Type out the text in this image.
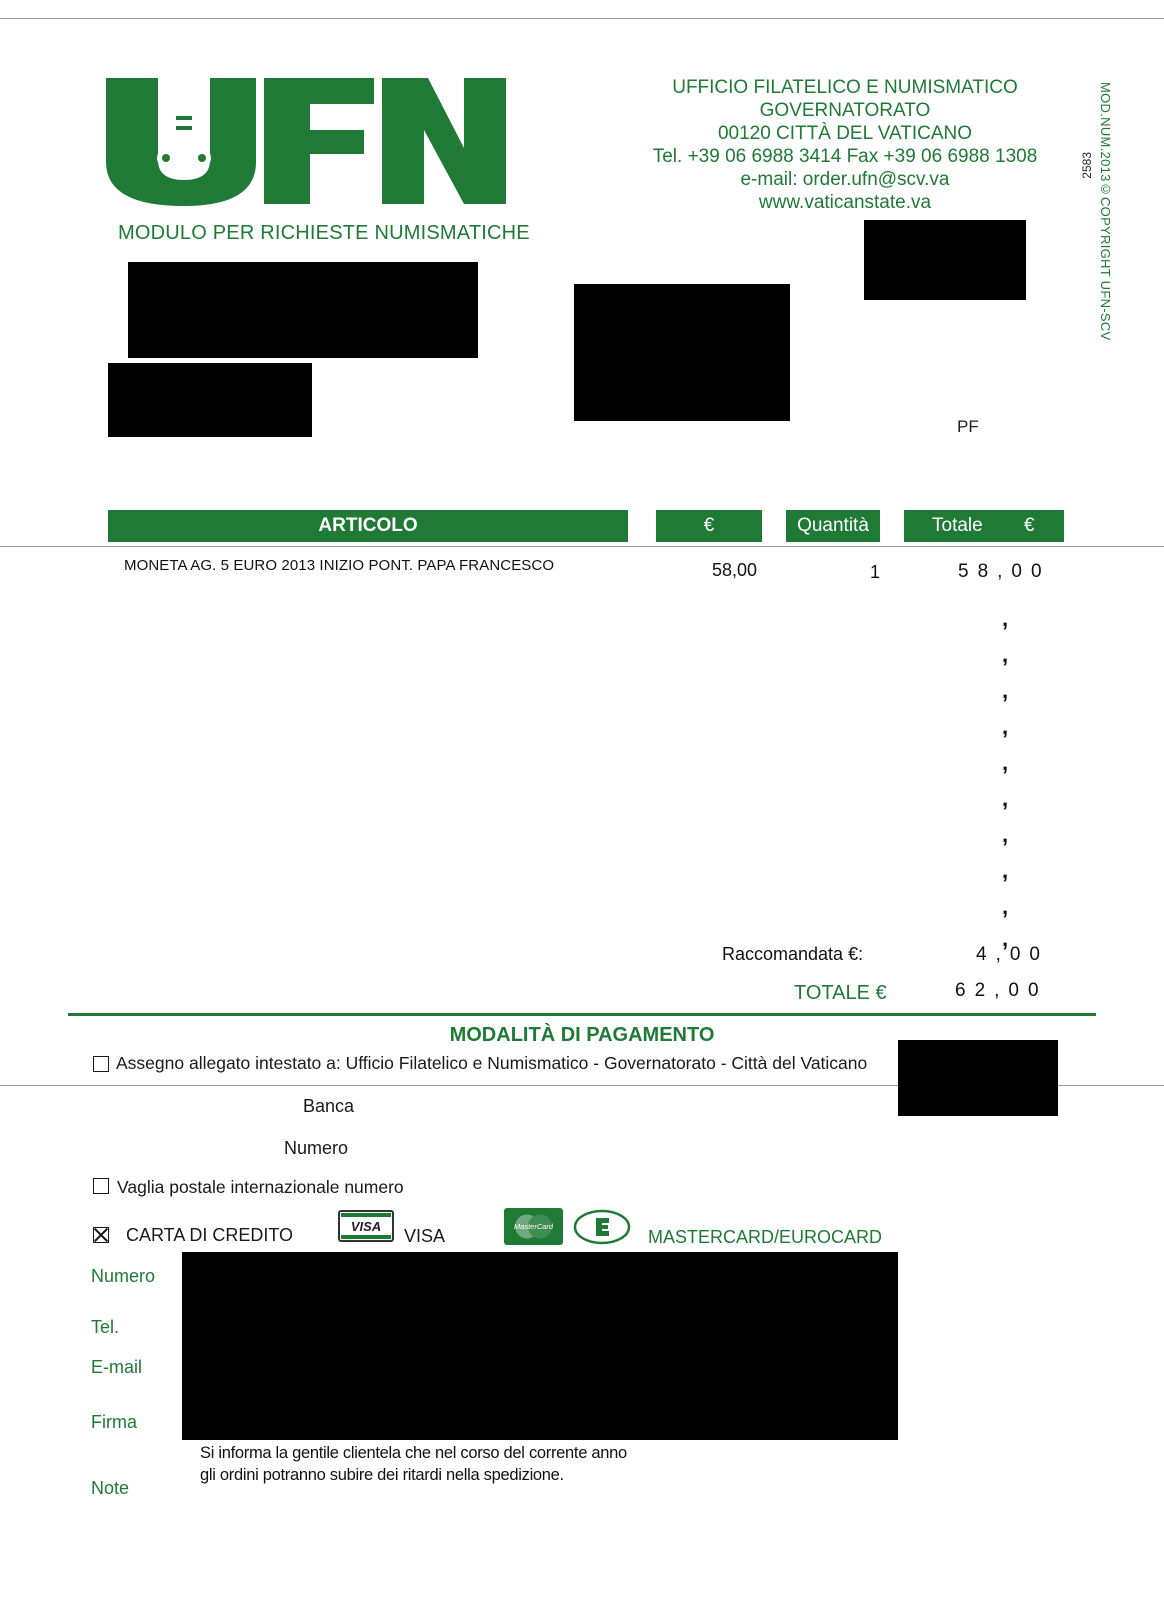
UFN
MODULO PER RICHIESTE NUMISMATICHE
UFFICIO FILATELICO E NUMISMATICO
GOVERNATORATO
00120 CITTÀ DEL VATICANO
Tel. +39 06 6988 3414 Fax +39 06 6988 1308
e-mail: order.ufn@scv.va
www.vaticanstate.va	MOD.NUM.2013©COPYRIGHT UFN-SCV
2583
PF
ARTICOLO	€	Quantità	Totale €
MONETA AG. 5 EURO 2013 INIZIO PONT. PAPA FRANCESCO	58,00	1	58,00
,
,
,
,
,
,
,
,
,
,
Raccomandata €:	4,00
TOTALE €	62,00
MODALITÀ DI PAGAMENTO
Assegno allegato intestato a: Ufficio Filatelico e Numismatico - Governatorato - Città del Vaticano
Banca
Numero
Vaglia postale internazionale numero
CARTA DI CREDITO	VISA VISA	MasterCard
MASTERCARD/EUROCARD
Numero
Tel.
E-mail
Firma
Note
Si informa la gentile clientela che nel corso del corrente anno
gli ordini potranno subire dei ritardi nella spedizione.
